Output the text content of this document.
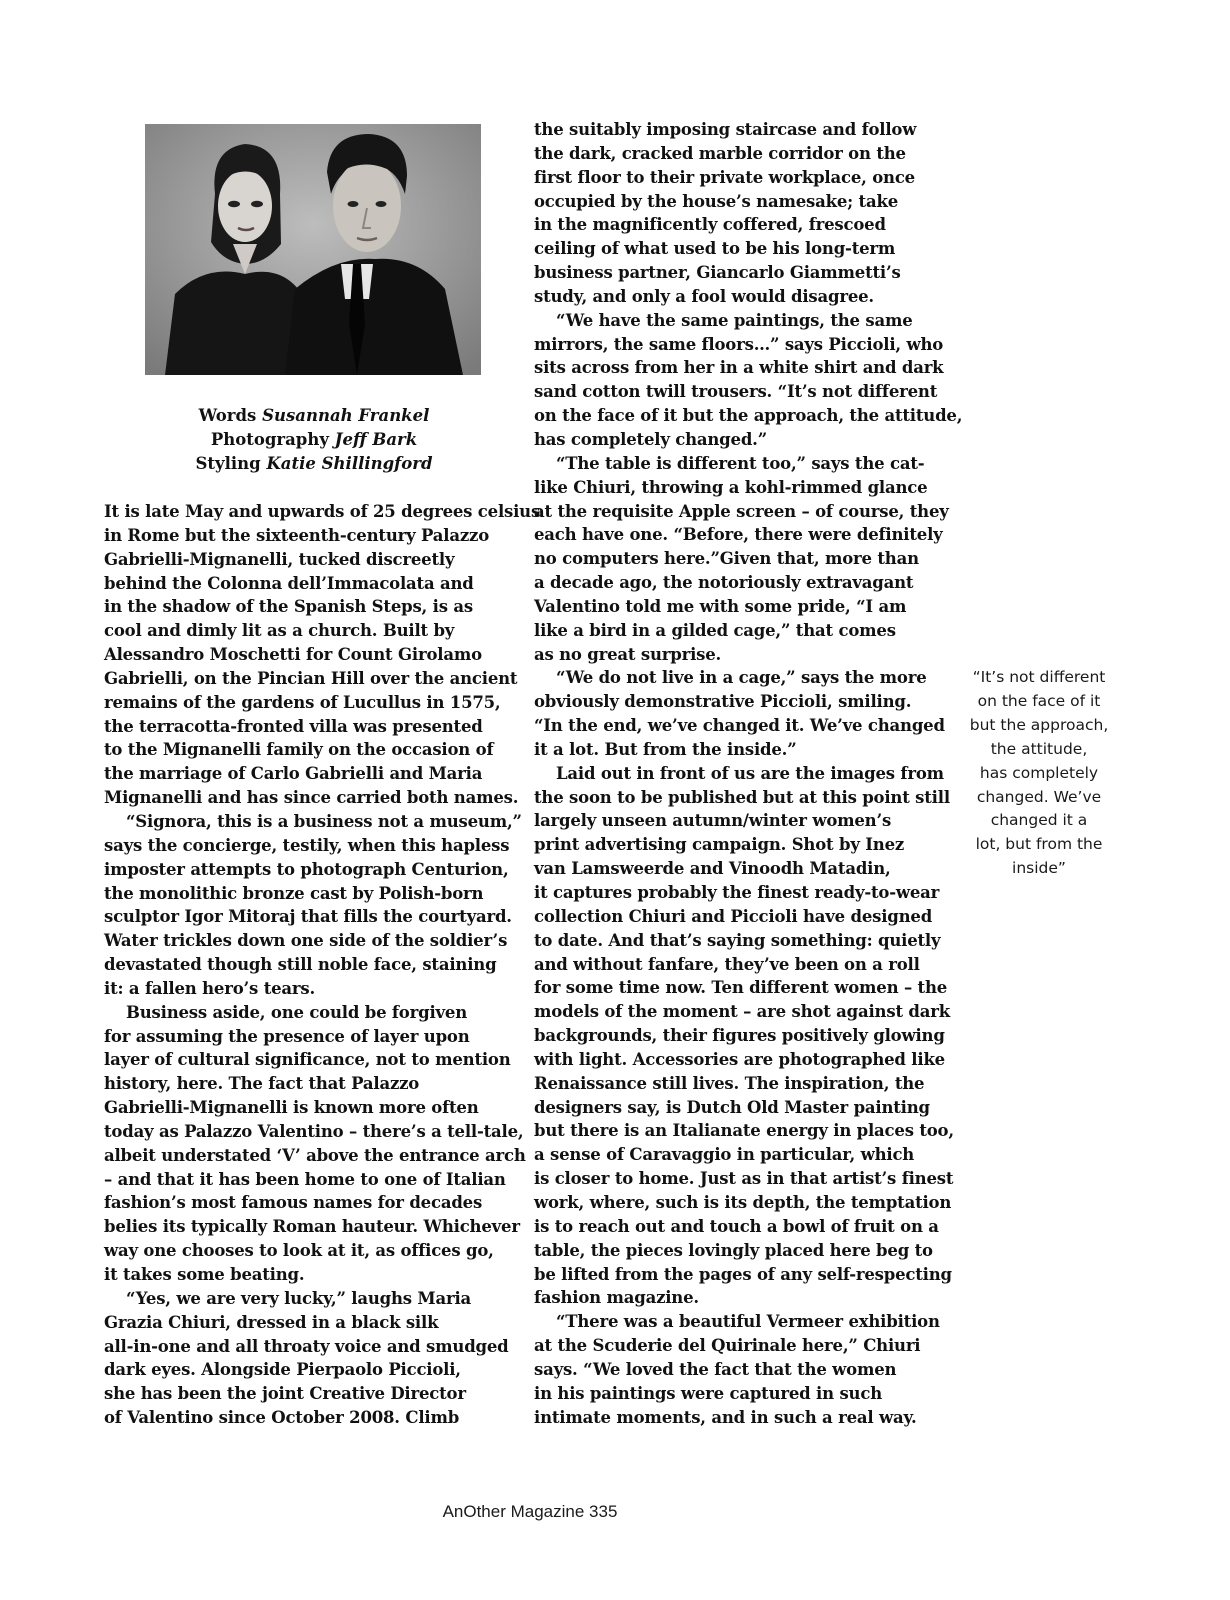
Words Susannah Frankel
Photography Jeff Bark
Styling Katie Shillingford
It is late May and upwards of 25 degrees celsius
in Rome but the sixteenth-century Palazzo
Gabrielli-Mignanelli, tucked discreetly
behind the Colonna dell’Immacolata and
in the shadow of the Spanish Steps, is as
cool and dimly lit as a church. Built by
Alessandro Moschetti for Count Girolamo
Gabrielli, on the Pincian Hill over the ancient
remains of the gardens of Lucullus in 1575,
the terracotta-fronted villa was presented
to the Mignanelli family on the occasion of
the marriage of Carlo Gabrielli and Maria
Mignanelli and has since carried both names.
“Signora, this is a business not a museum,”
says the concierge, testily, when this hapless
imposter attempts to photograph Centurion,
the monolithic bronze cast by Polish-born
sculptor Igor Mitoraj that fills the courtyard.
Water trickles down one side of the soldier’s
devastated though still noble face, staining
it: a fallen hero’s tears.
Business aside, one could be forgiven
for assuming the presence of layer upon
layer of cultural significance, not to mention
history, here. The fact that Palazzo
Gabrielli-Mignanelli is known more often
today as Palazzo Valentino – there’s a tell-tale,
albeit understated ‘V’ above the entrance arch
– and that it has been home to one of Italian
fashion’s most famous names for decades
belies its typically Roman hauteur. Whichever
way one chooses to look at it, as offices go,
it takes some beating.
“Yes, we are very lucky,” laughs Maria
Grazia Chiuri, dressed in a black silk
all-in-one and all throaty voice and smudged
dark eyes. Alongside Pierpaolo Piccioli,
she has been the joint Creative Director
of Valentino since October 2008. Climb
the suitably imposing staircase and follow
the dark, cracked marble corridor on the
first floor to their private workplace, once
occupied by the house’s namesake; take
in the magnificently coffered, frescoed
ceiling of what used to be his long-term
business partner, Giancarlo Giammetti’s
study, and only a fool would disagree.
“We have the same paintings, the same
mirrors, the same floors…” says Piccioli, who
sits across from her in a white shirt and dark
sand cotton twill trousers. “It’s not different
on the face of it but the approach, the attitude,
has completely changed.”
“The table is different too,” says the cat-
like Chiuri, throwing a kohl-rimmed glance
at the requisite Apple screen – of course, they
each have one. “Before, there were definitely
no computers here.”Given that, more than
a decade ago, the notoriously extravagant
Valentino told me with some pride, “I am
like a bird in a gilded cage,” that comes
as no great surprise.
“We do not live in a cage,” says the more
obviously demonstrative Piccioli, smiling.
“In the end, we’ve changed it. We’ve changed
it a lot. But from the inside.”
Laid out in front of us are the images from
the soon to be published but at this point still
largely unseen autumn/winter women’s
print advertising campaign. Shot by Inez
van Lamsweerde and Vinoodh Matadin,
it captures probably the finest ready-to-wear
collection Chiuri and Piccioli have designed
to date. And that’s saying something: quietly
and without fanfare, they’ve been on a roll
for some time now. Ten different women – the
models of the moment – are shot against dark
backgrounds, their figures positively glowing
with light. Accessories are photographed like
Renaissance still lives. The inspiration, the
designers say, is Dutch Old Master painting
but there is an Italianate energy in places too,
a sense of Caravaggio in particular, which
is closer to home. Just as in that artist’s finest
work, where, such is its depth, the temptation
is to reach out and touch a bowl of fruit on a
table, the pieces lovingly placed here beg to
be lifted from the pages of any self-respecting
fashion magazine.
“There was a beautiful Vermeer exhibition
at the Scuderie del Quirinale here,” Chiuri
says. “We loved the fact that the women
in his paintings were captured in such
intimate moments, and in such a real way.
“It’s not different
on the face of it
but the approach,
the attitude,
has completely
changed. We’ve
changed it a
lot, but from the
inside”
AnOther Magazine 335
